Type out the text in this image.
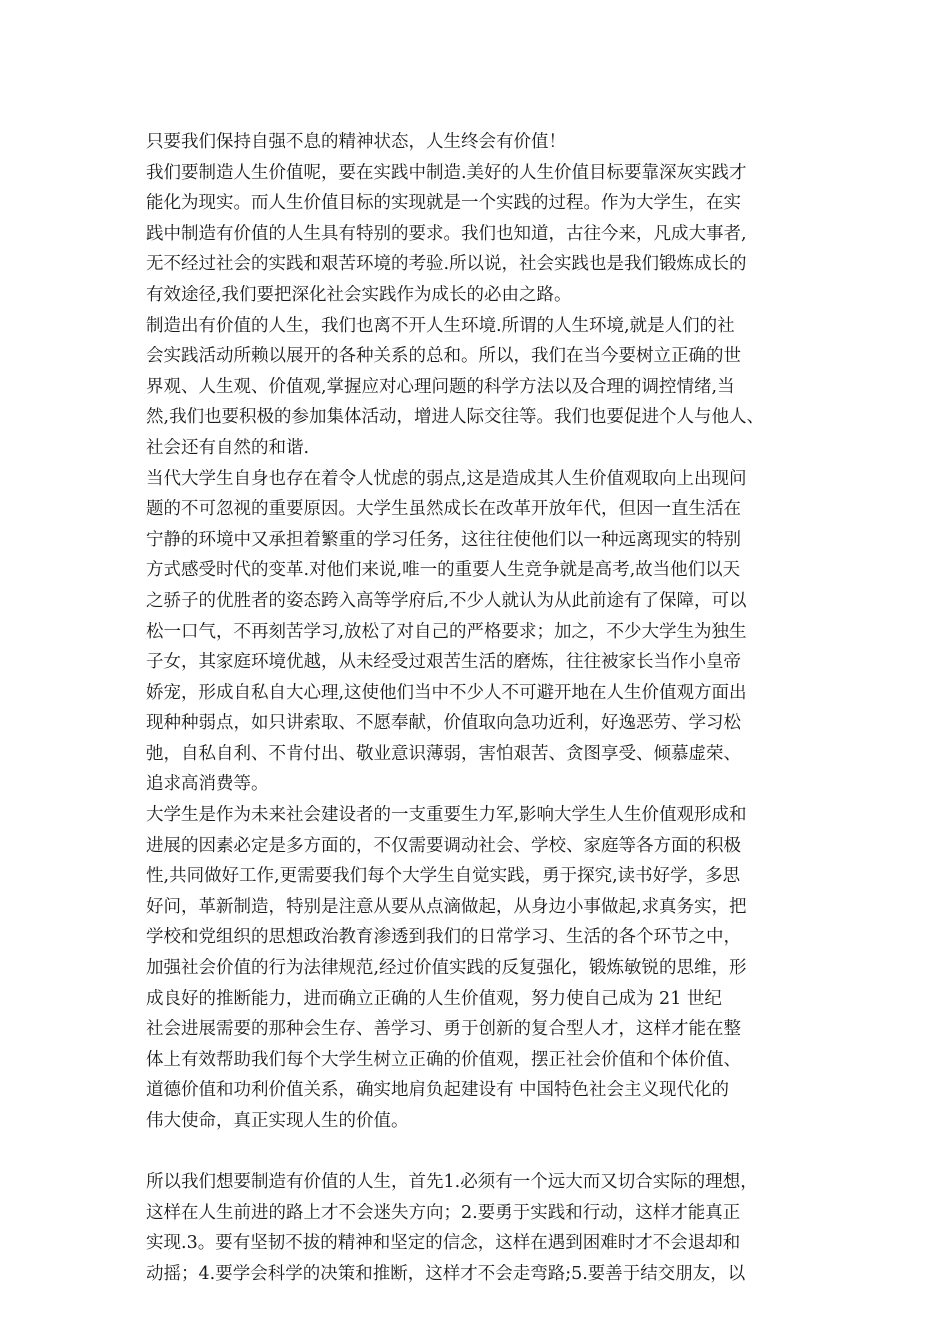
只要我们保持自强不息的精神状态，人生终会有价值！
我们要制造人生价值呢，要在实践中制造.美好的人生价值目标要靠深灰实践才
能化为现实。而人生价值目标的实现就是一个实践的过程。作为大学生，在实
践中制造有价值的人生具有特别的要求。我们也知道，古往今来，凡成大事者,
无不经过社会的实践和艰苦环境的考验.所以说，社会实践也是我们锻炼成长的
有效途径,我们要把深化社会实践作为成长的必由之路。
制造出有价值的人生，我们也离不开人生环境.所谓的人生环境,就是人们的社
会实践活动所赖以展开的各种关系的总和。所以，我们在当今要树立正确的世
界观、人生观、价值观,掌握应对心理问题的科学方法以及合理的调控情绪,当
然,我们也要积极的参加集体活动，增进人际交往等。我们也要促进个人与他人、
社会还有自然的和谐.
当代大学生自身也存在着令人忧虑的弱点,这是造成其人生价值观取向上出现问
题的不可忽视的重要原因。大学生虽然成长在改革开放年代，但因一直生活在
宁静的环境中又承担着繁重的学习任务，这往往使他们以一种远离现实的特别
方式感受时代的变革.对他们来说,唯一的重要人生竞争就是高考,故当他们以天
之骄子的优胜者的姿态跨入高等学府后,不少人就认为从此前途有了保障，可以
松一口气，不再刻苦学习,放松了对自己的严格要求；加之，不少大学生为独生
子女，其家庭环境优越，从未经受过艰苦生活的磨炼，往往被家长当作小皇帝
娇宠，形成自私自大心理,这使他们当中不少人不可避开地在人生价值观方面出
现种种弱点，如只讲索取、不愿奉献，价值取向急功近利，好逸恶劳、学习松
弛，自私自利、不肯付出、敬业意识薄弱，害怕艰苦、贪图享受、倾慕虚荣、
追求高消费等。
大学生是作为未来社会建设者的一支重要生力军,影响大学生人生价值观形成和
进展的因素必定是多方面的，不仅需要调动社会、学校、家庭等各方面的积极
性,共同做好工作,更需要我们每个大学生自觉实践，勇于探究,读书好学，多思
好问，革新制造，特别是注意从要从点滴做起，从身边小事做起,求真务实，把
学校和党组织的思想政治教育渗透到我们的日常学习、生活的各个环节之中，
加强社会价值的行为法律规范,经过价值实践的反复强化，锻炼敏锐的思维，形
成良好的推断能力，进而确立正确的人生价值观，努力使自己成为 21 世纪
社会进展需要的那种会生存、善学习、勇于创新的复合型人才，这样才能在整
体上有效帮助我们每个大学生树立正确的价值观，摆正社会价值和个体价值、
道德价值和功利价值关系，确实地肩负起建设有 中国特色社会主义现代化的
伟大使命，真正实现人生的价值。
所以我们想要制造有价值的人生，首先1.必须有一个远大而又切合实际的理想，
这样在人生前进的路上才不会迷失方向；2.要勇于实践和行动，这样才能真正
实现.3。要有坚韧不拔的精神和坚定的信念，这样在遇到困难时才不会退却和
动摇；4.要学会科学的决策和推断，这样才不会走弯路;5.要善于结交朋友，以
